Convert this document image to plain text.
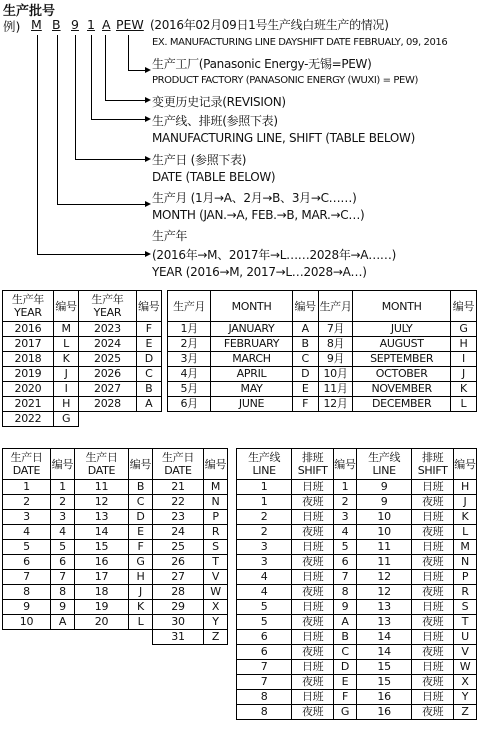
生产批号
例) M B 9 1 A PEW (2016年02月09日1号生产线白班生产的情况)
EX. MANUFACTURING LINE DAYSHIFT DATE FEBRUALY, 09, 2016
生产工厂(Panasonic Energy-无锡=PEW)
PRODUCT FACTORY (PANASONIC ENERGY (WUXI) = PEW)
变更历史记录(REVISION)
生产线、排班(参照下表)
MANUFACTURING LINE, SHIFT (TABLE BELOW)
生产日 (参照下表)
DATE (TABLE BELOW)
生产月 (1月→A、2月→B、3月→C……)
MONTH (JAN.→A, FEB.→B, MAR.→C…)
生产年
(2016年→M、2017年→L……2028年→A……)
YEAR (2016→M, 2017→L…2028→A…)
生产年 YEAR	编号	生产年 YEAR	编号
2016	M	2023	F
2017	L	2024	E
2018	K	2025	D
2019	J	2026	C
2020	I	2027	B
2021	H	2028	A
2022	G		
生产月	MONTH	编号	生产月	MONTH	编号
1月	JANUARY	A	7月	JULY	G
2月	FEBRUARY	B	8月	AUGUST	H
3月	MARCH	C	9月	SEPTEMBER	I
4月	APRIL	D	10月	OCTOBER	J
5月	MAY	E	11月	NOVEMBER	K
6月	JUNE	F	12月	DECEMBER	L
生产日 DATE	编号	生产日 DATE	编号	生产日 DATE	编号
1	1	11	B	21	M
2	2	12	C	22	N
3	3	13	D	23	P
4	4	14	E	24	R
5	5	15	F	25	S
6	6	16	G	26	T
7	7	17	H	27	V
8	8	18	J	28	W
9	9	19	K	29	X
10	A	20	L	30	Y
				31	Z
生产线 LINE	排班 SHIFT	编号	生产线 LINE	排班 SHIFT	编号
1	日班	1	9	日班	H
1	夜班	2	9	夜班	J
2	日班	3	10	日班	K
2	夜班	4	10	夜班	L
3	日班	5	11	日班	M
3	夜班	6	11	夜班	N
4	日班	7	12	日班	P
4	夜班	8	12	夜班	R
5	日班	9	13	日班	S
5	夜班	A	13	夜班	T
6	日班	B	14	日班	U
6	夜班	C	14	夜班	V
7	日班	D	15	日班	W
7	夜班	E	15	夜班	X
8	日班	F	16	日班	Y
8	夜班	G	16	夜班	Z
